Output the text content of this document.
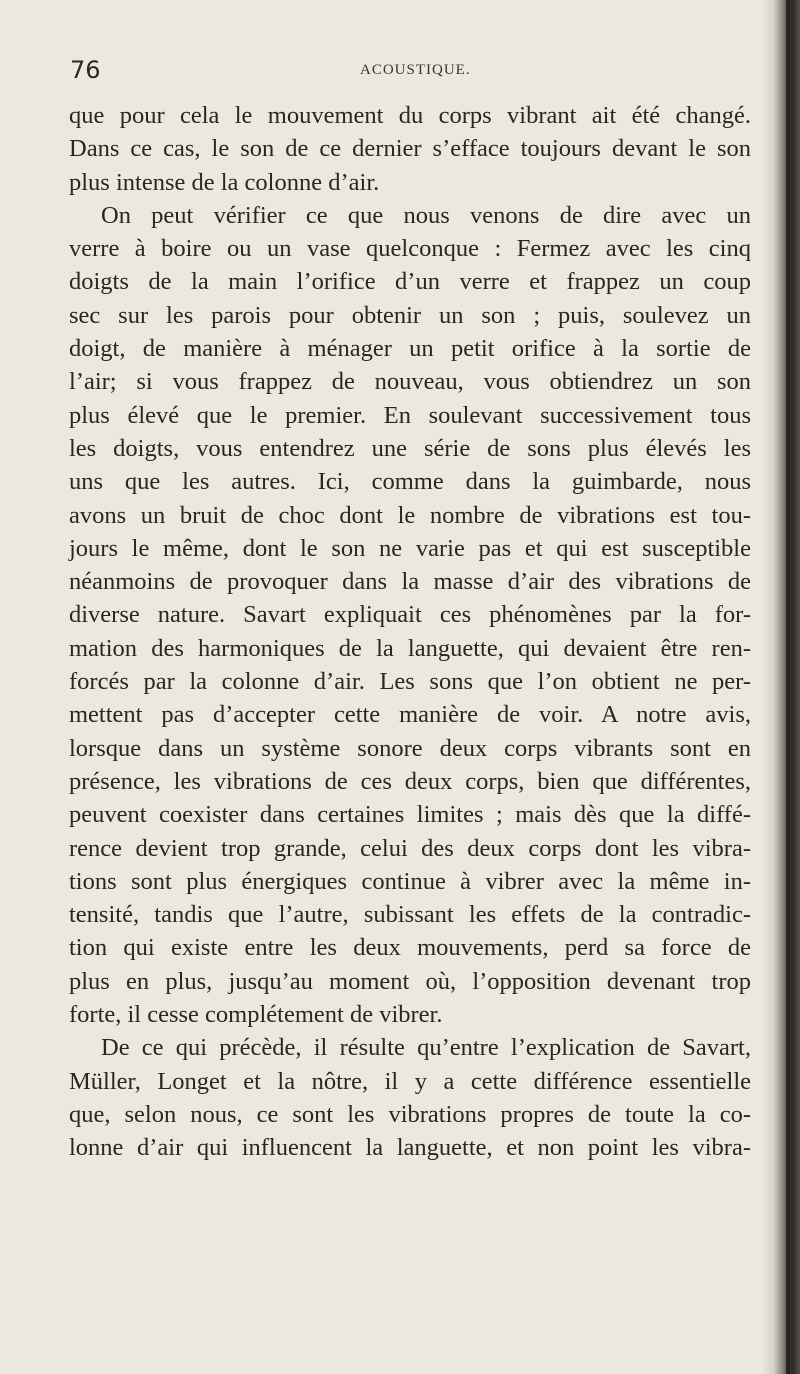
76	ACOUSTIQUE.
que pour cela le mouvement du corps vibrant ait été changé.
Dans ce cas, le son de ce dernier s’efface toujours devant le son
plus intense de la colonne d’air.
On peut vérifier ce que nous venons de dire avec un
verre à boire ou un vase quelconque : Fermez avec les cinq
doigts de la main l’orifice d’un verre et frappez un coup
sec sur les parois pour obtenir un son ; puis, soulevez un
doigt, de manière à ménager un petit orifice à la sortie de
l’air; si vous frappez de nouveau, vous obtiendrez un son
plus élevé que le premier. En soulevant successivement tous
les doigts, vous entendrez une série de sons plus élevés les
uns que les autres. Ici, comme dans la guimbarde, nous
avons un bruit de choc dont le nombre de vibrations est tou-
jours le même, dont le son ne varie pas et qui est susceptible
néanmoins de provoquer dans la masse d’air des vibrations de
diverse nature. Savart expliquait ces phénomènes par la for-
mation des harmoniques de la languette, qui devaient être ren-
forcés par la colonne d’air. Les sons que l’on obtient ne per-
mettent pas d’accepter cette manière de voir. A notre avis,
lorsque dans un système sonore deux corps vibrants sont en
présence, les vibrations de ces deux corps, bien que différentes,
peuvent coexister dans certaines limites ; mais dès que la diffé-
rence devient trop grande, celui des deux corps dont les vibra-
tions sont plus énergiques continue à vibrer avec la même in-
tensité, tandis que l’autre, subissant les effets de la contradic-
tion qui existe entre les deux mouvements, perd sa force de
plus en plus, jusqu’au moment où, l’opposition devenant trop
forte, il cesse complétement de vibrer.
De ce qui précède, il résulte qu’entre l’explication de Savart,
Müller, Longet et la nôtre, il y a cette différence essentielle
que, selon nous, ce sont les vibrations propres de toute la co-
lonne d’air qui influencent la languette, et non point les vibra-
